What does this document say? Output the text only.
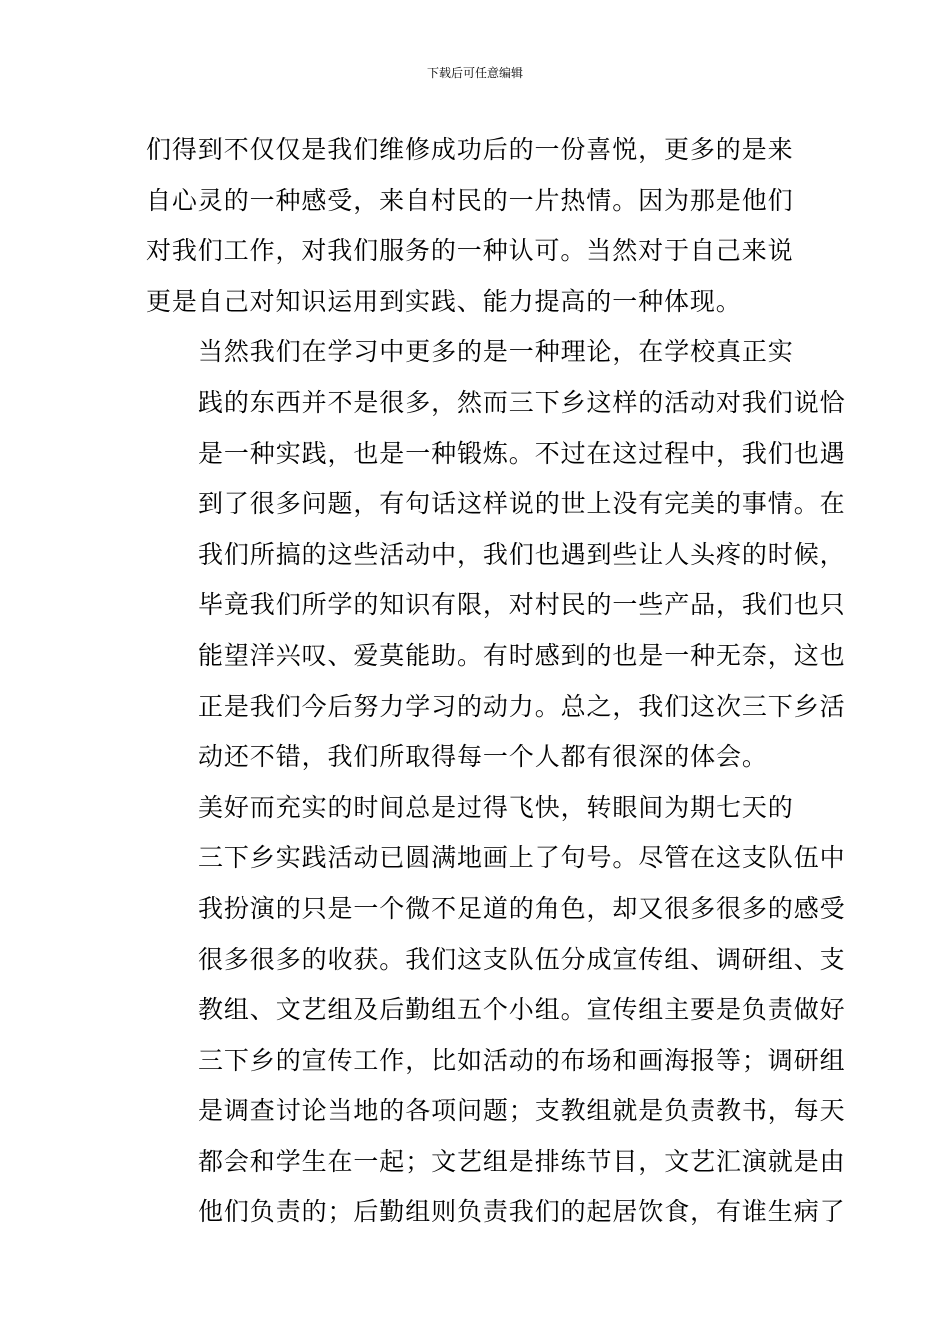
下载后可任意编辑

们得到不仅仅是我们维修成功后的一份喜悦，更多的是来
自心灵的一种感受，来自村民的一片热情。因为那是他们
对我们工作，对我们服务的一种认可。当然对于自己来说
更是自己对知识运用到实践、能力提高的一种体现。

当然我们在学习中更多的是一种理论，在学校真正实
践的东西并不是很多，然而三下乡这样的活动对我们说恰
是一种实践，也是一种锻炼。不过在这过程中，我们也遇
到了很多问题，有句话这样说的世上没有完美的事情。在
我们所搞的这些活动中，我们也遇到些让人头疼的时候，
毕竟我们所学的知识有限，对村民的一些产品，我们也只
能望洋兴叹、爱莫能助。有时感到的也是一种无奈，这也
正是我们今后努力学习的动力。总之，我们这次三下乡活
动还不错，我们所取得每一个人都有很深的体会。

美好而充实的时间总是过得飞快，转眼间为期七天的
三下乡实践活动已圆满地画上了句号。尽管在这支队伍中
我扮演的只是一个微不足道的角色，却又很多很多的感受
很多很多的收获。我们这支队伍分成宣传组、调研组、支
教组、文艺组及后勤组五个小组。宣传组主要是负责做好
三下乡的宣传工作，比如活动的布场和画海报等；调研组
是调查讨论当地的各项问题；支教组就是负责教书，每天
都会和学生在一起；文艺组是排练节目，文艺汇演就是由
他们负责的；后勤组则负责我们的起居饮食，有谁生病了
